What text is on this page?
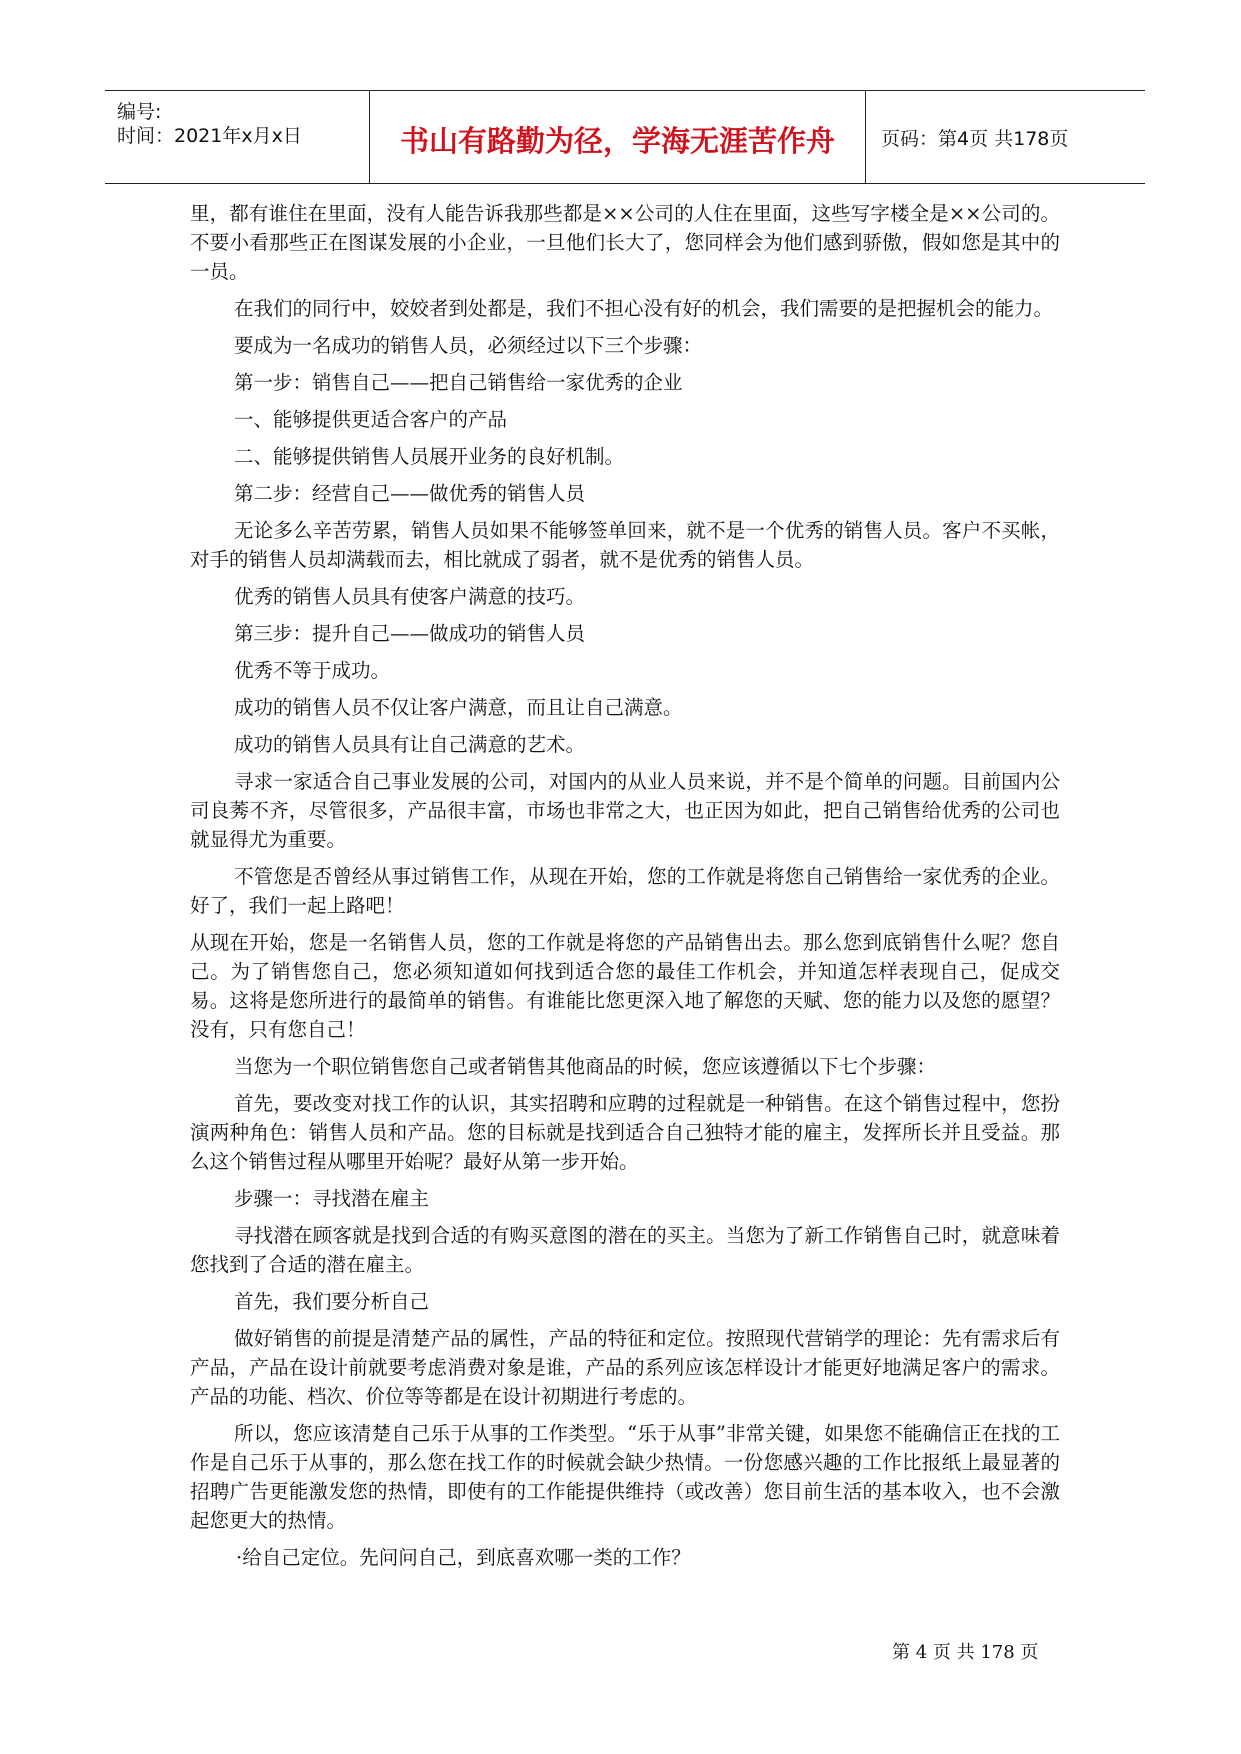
编号:
时间：2021年x月x日	书山有路勤为径，学海无涯苦作舟	页码：第4页 共178页

里，都有谁住在里面，没有人能告诉我那些都是××公司的人住在里面，这些写字楼全是××公司的。不要小看那些正在图谋发展的小企业，一旦他们长大了，您同样会为他们感到骄傲，假如您是其中的一员。

在我们的同行中，姣姣者到处都是，我们不担心没有好的机会，我们需要的是把握机会的能力。

要成为一名成功的销售人员，必须经过以下三个步骤：

第一步：销售自己——把自己销售给一家优秀的企业

一、能够提供更适合客户的产品

二、能够提供销售人员展开业务的良好机制。

第二步：经营自己——做优秀的销售人员

无论多么辛苦劳累，销售人员如果不能够签单回来，就不是一个优秀的销售人员。客户不买帐，对手的销售人员却满载而去，相比就成了弱者，就不是优秀的销售人员。

优秀的销售人员具有使客户满意的技巧。

第三步：提升自己——做成功的销售人员

优秀不等于成功。

成功的销售人员不仅让客户满意，而且让自己满意。

成功的销售人员具有让自己满意的艺术。

寻求一家适合自己事业发展的公司，对国内的从业人员来说，并不是个简单的问题。目前国内公司良莠不齐，尽管很多，产品很丰富，市场也非常之大，也正因为如此，把自己销售给优秀的公司也就显得尤为重要。

不管您是否曾经从事过销售工作，从现在开始，您的工作就是将您自己销售给一家优秀的企业。好了，我们一起上路吧！

从现在开始，您是一名销售人员，您的工作就是将您的产品销售出去。那么您到底销售什么呢？您自己。为了销售您自己，您必须知道如何找到适合您的最佳工作机会，并知道怎样表现自己，促成交易。这将是您所进行的最简单的销售。有谁能比您更深入地了解您的天赋、您的能力以及您的愿望？没有，只有您自己！

当您为一个职位销售您自己或者销售其他商品的时候，您应该遵循以下七个步骤：

首先，要改变对找工作的认识，其实招聘和应聘的过程就是一种销售。在这个销售过程中，您扮演两种角色：销售人员和产品。您的目标就是找到适合自己独特才能的雇主，发挥所长并且受益。那么这个销售过程从哪里开始呢？最好从第一步开始。

步骤一：寻找潜在雇主

寻找潜在顾客就是找到合适的有购买意图的潜在的买主。当您为了新工作销售自己时，就意味着您找到了合适的潜在雇主。

首先，我们要分析自己

做好销售的前提是清楚产品的属性，产品的特征和定位。按照现代营销学的理论：先有需求后有产品，产品在设计前就要考虑消费对象是谁，产品的系列应该怎样设计才能更好地满足客户的需求。产品的功能、档次、价位等等都是在设计初期进行考虑的。

所以，您应该清楚自己乐于从事的工作类型。“乐于从事”非常关键，如果您不能确信正在找的工作是自己乐于从事的，那么您在找工作的时候就会缺少热情。一份您感兴趣的工作比报纸上最显著的招聘广告更能激发您的热情，即使有的工作能提供维持（或改善）您目前生活的基本收入，也不会激起您更大的热情。

·给自己定位。先问问自己，到底喜欢哪一类的工作？

第 4 页 共 178 页
